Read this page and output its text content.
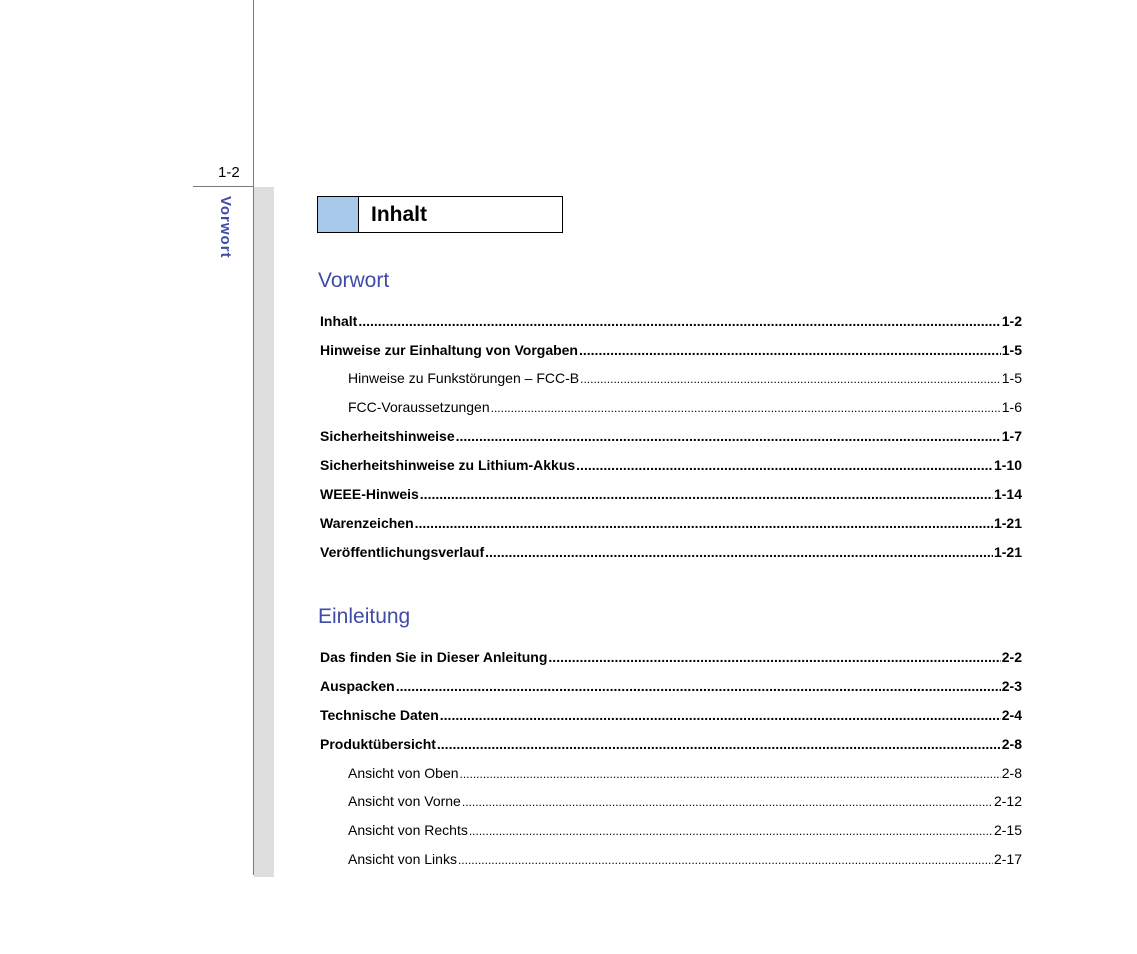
1-2
Vorwort	Inhalt
Vorwort
Inhalt .....	1-2
Hinweise zur Einhaltung von Vorgaben .....	1-5
Hinweise zu Funkstörungen – FCC-B .....	1-5
FCC-Voraussetzungen .....	1-6
Sicherheitshinweise .....	1-7
Sicherheitshinweise zu Lithium-Akkus .....	1-10
WEEE-Hinweis .....	1-14
Warenzeichen .....	1-21
Veröffentlichungsverlauf .....	1-21
Einleitung
Das finden Sie in Dieser Anleitung .....	2-2
Auspacken .....	2-3
Technische Daten .....	2-4
Produktübersicht .....	2-8
Ansicht von Oben .....	2-8
Ansicht von Vorne .....	2-12
Ansicht von Rechts .....	2-15
Ansicht von Links .....	2-17
